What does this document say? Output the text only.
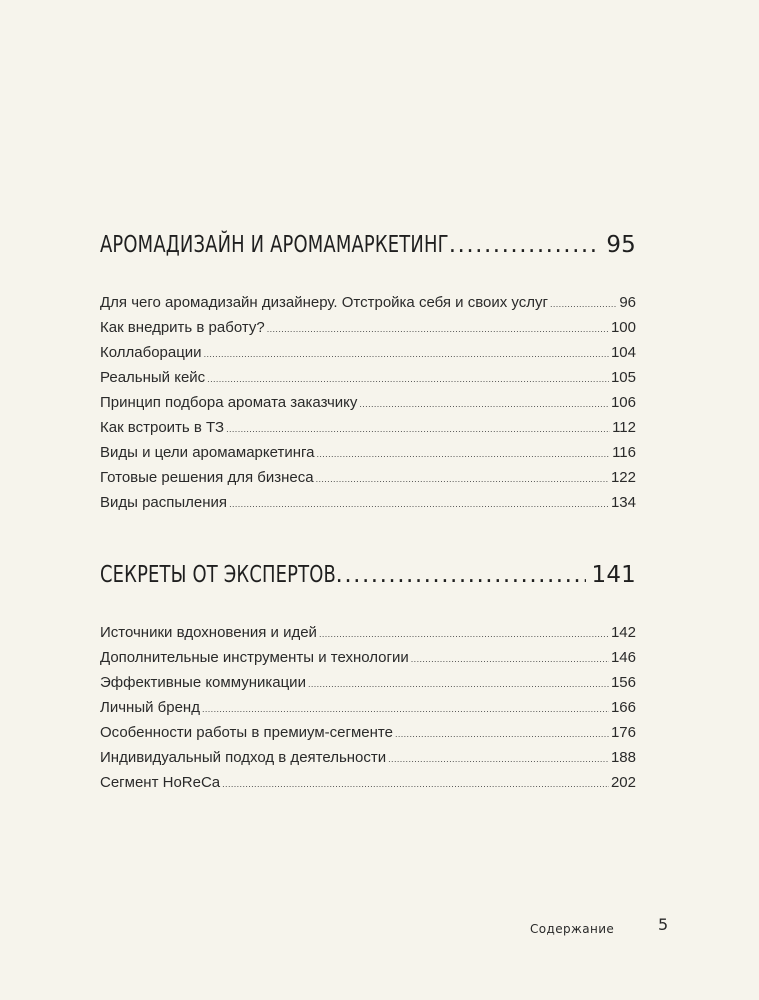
АРОМАДИЗАЙН И АРОМАМАРКЕТИНГ .....	95
Для чего аромадизайн дизайнеру. Отстройка себя и своих услуг .....	96
Как внедрить в работу? .....	100
Коллаборации .....	104
Реальный кейс .....	105
Принцип подбора аромата заказчику .....	106
Как встроить в ТЗ .....	112
Виды и цели аромамаркетинга .....	116
Готовые решения для бизнеса .....	122
Виды распыления .....	134
СЕКРЕТЫ ОТ ЭКСПЕРТОВ .....	141
Источники вдохновения и идей .....	142
Дополнительные инструменты и технологии .....	146
Эффективные коммуникации .....	156
Личный бренд .....	166
Особенности работы в премиум-сегменте .....	176
Индивидуальный подход в деятельности .....	188
Сегмент HoReCa .....	202
Содержание	5
